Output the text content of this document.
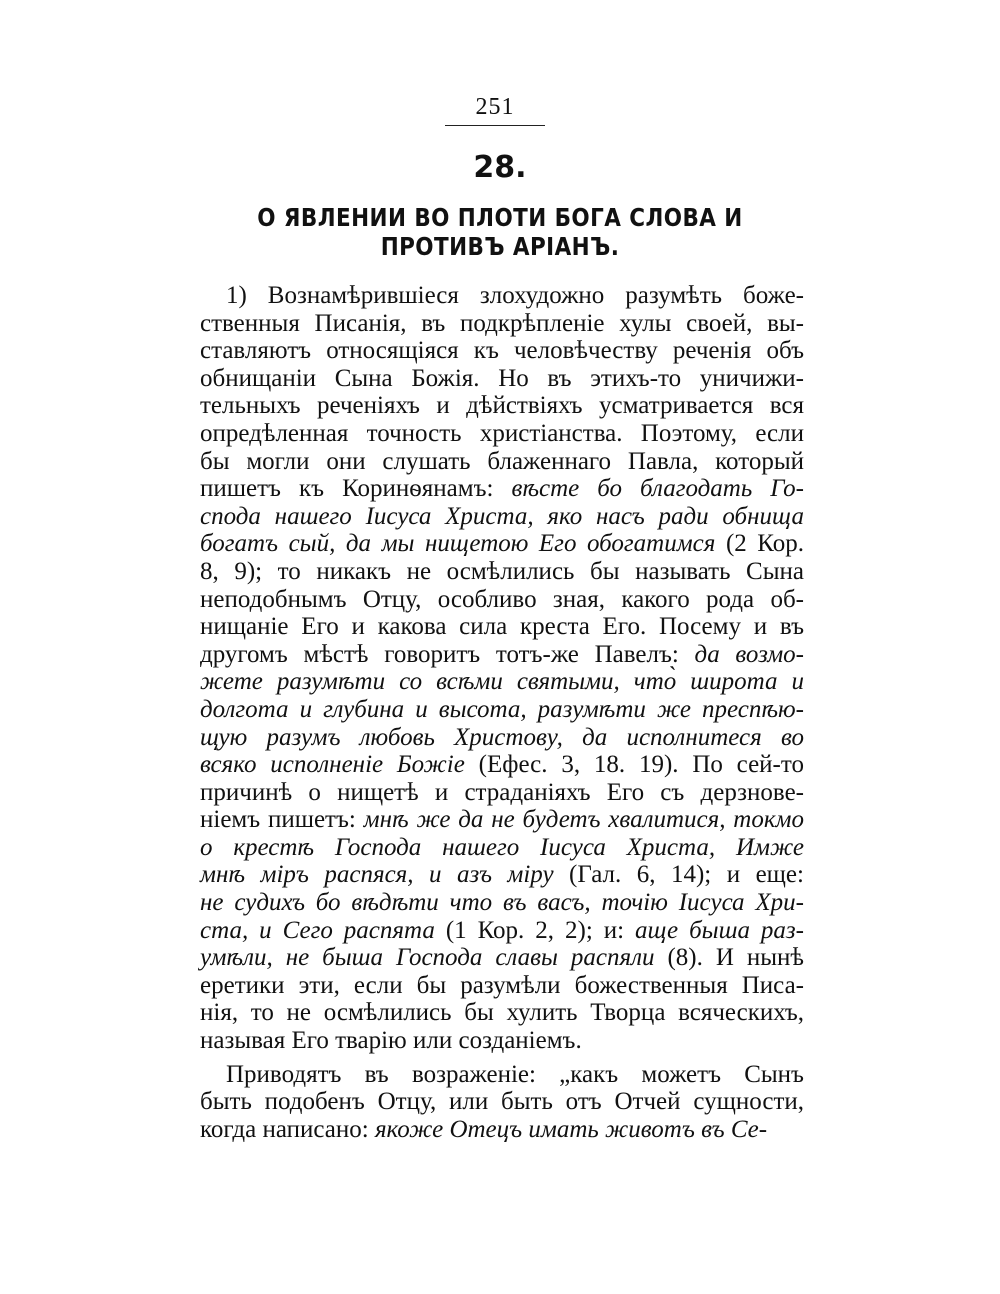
251
28.
О ЯВЛЕНИИ ВО ПЛОТИ БОГА СЛОВА И ПРОТИВЪ АРІАНЪ.
1) Вознамѣрившіеся злохудожно разумѣть боже-
ственныя Писанія, въ подкрѣпленіе хулы своей, вы-
ставляютъ относящіяся къ человѣчеству реченія объ
обнищаніи Сына Божія. Но въ этихъ-то уничижи-
тельныхъ реченіяхъ и дѣйствіяхъ усматривается вся
опредѣленная точность христіанства. Поэтому, если
бы могли они слушать блаженнаго Павла, который
пишетъ къ Коринѳянамъ: вѣсте бо благодать Го-
спода нашего Іисуса Христа, яко насъ ради обнища
богатъ сый, да мы нищетою Его обогатимся (2 Кор.
8, 9); то никакъ не осмѣлились бы называть Сына
неподобнымъ Отцу, особливо зная, какого рода об-
нищаніе Его и какова сила креста Его. Посему и въ
другомъ мѣстѣ говоритъ тотъ-же Павелъ: да возмо-
жете разумѣти со всѣми святыми, что̀ широта и
долгота и глубина и высота, разумѣти же преспѣю-
щую разумъ любовь Христову, да исполнитеся во
всяко исполненіе Божіе (Ефес. 3, 18. 19). По сей-то
причинѣ о нищетѣ и страданіяхъ Его съ дерзнове-
ніемъ пишетъ: мнѣ же да не будетъ хвалитися, токмо
о крестѣ Господа нашего Іисуса Христа, Имже
мнѣ міръ распяся, и азъ міру (Гал. 6, 14); и еще:
не судихъ бо вѣдѣти что въ васъ, точію Іисуса Хри-
ста, и Сего распята (1 Кор. 2, 2); и: аще быша раз-
умѣли, не быша Господа славы распяли (8). И нынѣ
еретики эти, если бы разумѣли божественныя Писа-
нія, то не осмѣлились бы хулить Творца всяческихъ,
называя Его тварію или созданіемъ.
Приводятъ въ возраженіе: „какъ можетъ Сынъ
быть подобенъ Отцу, или быть отъ Отчей сущности,
когда написано: якоже Отецъ имать животъ въ Се-
